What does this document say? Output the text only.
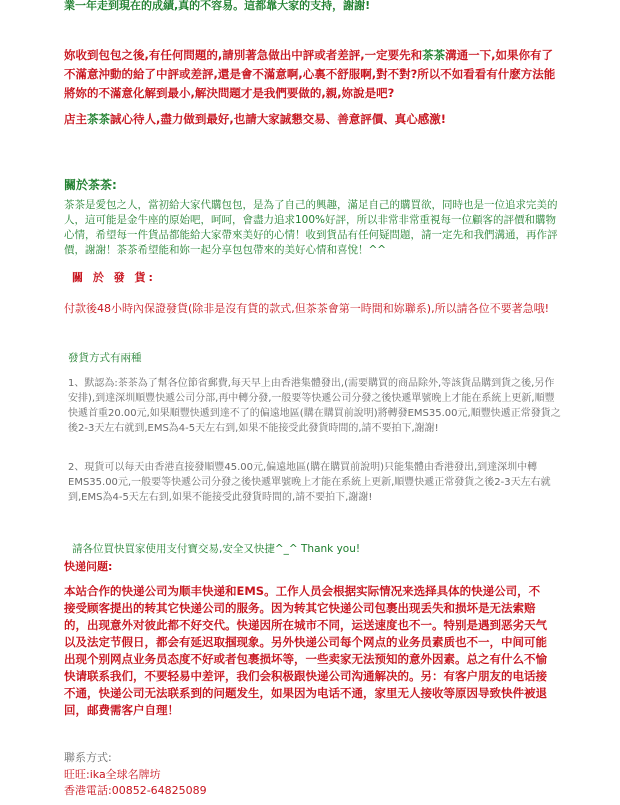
業一年走到現在的成績,真的不容易。這都靠大家的支持，謝謝!
妳收到包包之後,有任何問題的,請別著急做出中評或者差評,一定要先和茶茶溝通一下,如果你有了不滿意沖動的給了中評或差評,還是會不滿意啊,心裏不舒服啊,對不對?所以不如看看有什麽方法能將妳的不滿意化解到最小,解決問題才是我們要做的,親,妳說是吧?
店主茶茶誠心待人,盡力做到最好,也請大家誠懇交易、善意評價、真心感激!
關於茶茶:
茶茶是愛包之人，當初給大家代購包包，是為了自己的興趣，滿足自己的購買欲，同時也是一位追求完美的人，這可能是金牛座的原始吧，呵呵，會盡力追求100%好評，所以非常非常重視每一位顧客的評價和購物心情，希望每一件貨品都能給大家帶來美好的心情！收到貨品有任何疑問題，請一定先和我們溝通，再作評價，謝謝！茶茶希望能和妳一起分享包包帶來的美好心情和喜悅！^^
關 於 發 貨:
付款後48小時內保證發貨(除非是沒有貨的款式,但茶茶會第一時間和妳聯系),所以請各位不要著急哦!
發貨方式有兩種
1、默認為:茶茶為了幫各位節省郵費,每天早上由香港集體發出,(需要購買的商品除外,等該貨品購到貨之後,另作安排),到達深圳順豐快遞公司分部,再中轉分發,一般要等快遞公司分發之後快遞單號晚上才能在系統上更新,順豐快遞首重20.00元,如果順豐快遞到達不了的偏遠地區(購在購買前說明)將轉發EMS35.00元,順豐快遞正常發貨之後2-3天左右就到,EMS為4-5天左右到,如果不能接受此發貨時間的,請不要拍下,謝謝!
2、現貨可以每天由香港直接發順豐45.00元,偏遠地區(購在購買前說明)只能集體由香港發出,到達深圳中轉EMS35.00元,一般要等快遞公司分發之後快遞單號晚上才能在系統上更新,順豐快遞正常發貨之後2-3天左右就到,EMS為4-5天左右到,如果不能接受此發貨時間的,請不要拍下,謝謝!
請各位買快買家使用支付寶交易,安全又快捷^_^ Thank you!
快递问题:
本站合作的快递公司为顺丰快递和EMS。工作人员会根据实际情况来选择具体的快递公司，不接受顾客提出的转其它快递公司的服务。因为转其它快递公司包裹出现丢失和损坏是无法索赔的，出现意外对彼此都不好交代。快递因所在城市不同，运送速度也不一。特别是遇到恶劣天气以及法定节假日，都会有延迟取掴现象。另外快递公司每个网点的业务员素质也不一，中间可能出现个别网点业务员态度不好或者包裹损坏等，一些卖家无法预知的意外因素。总之有什么不愉快请联系我们，不要轻易中差评，我们会积极跟快递公司沟通解决的。另：有客户朋友的电话接不通，快递公司无法联系到的问题发生，如果因为电话不通，家里无人接收等原因导致快件被退回，邮费需客户自理！
聯系方式:
旺旺:ika全球名牌坊
香港電話:00852-64825089
